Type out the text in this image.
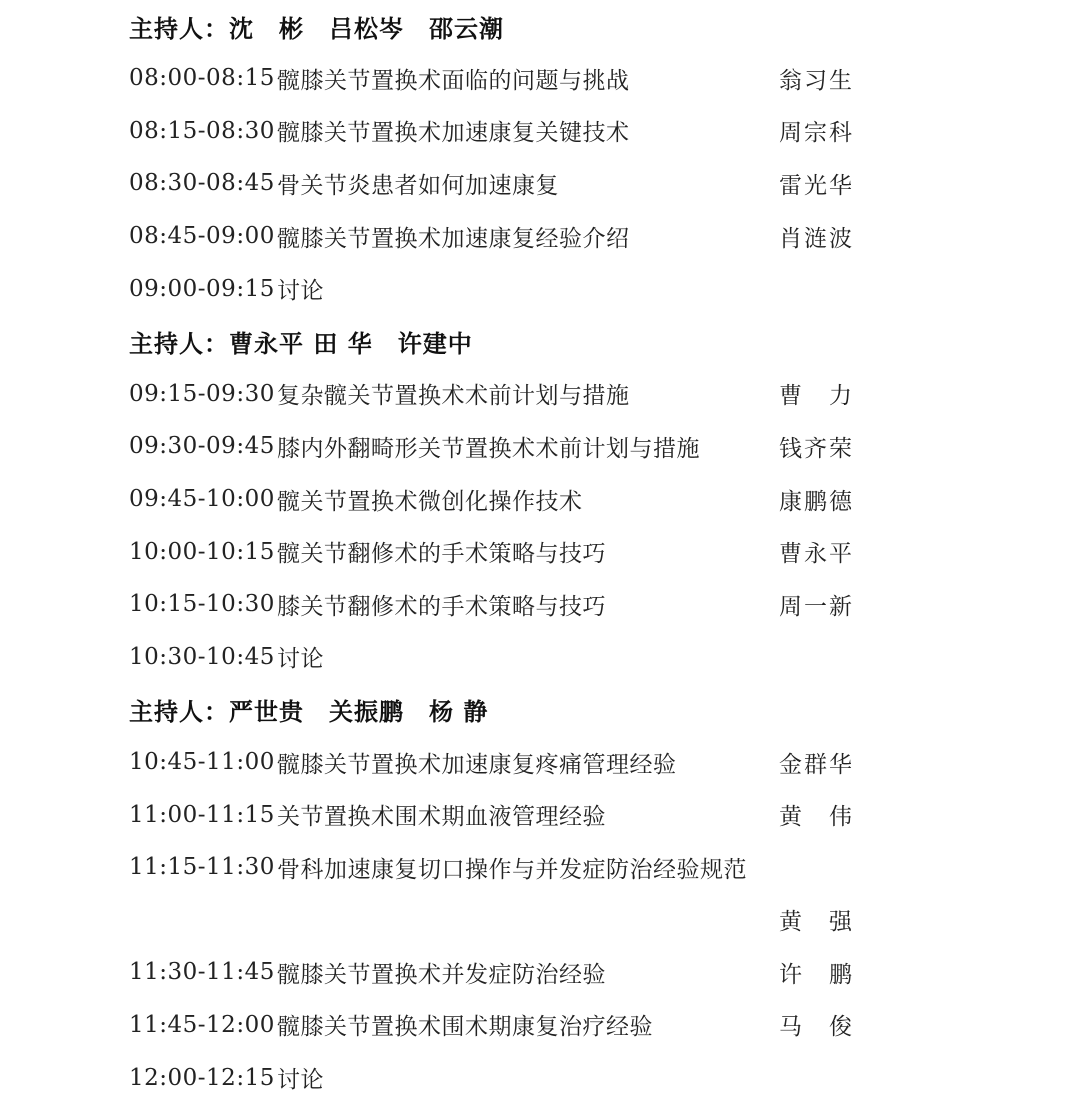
主持人：沈　彬　吕松岑　邵云潮
08:00-08:15 髋膝关节置换术面临的问题与挑战	翁习生
08:15-08:30 髋膝关节置换术加速康复关键技术	周宗科
08:30-08:45 骨关节炎患者如何加速康复	雷光华
08:45-09:00 髋膝关节置换术加速康复经验介绍	肖涟波
09:00-09:15 讨论
主持人：曹永平 田 华　许建中
09:15-09:30 复杂髋关节置换术术前计划与措施	曹　力
09:30-09:45 膝内外翻畸形关节置换术术前计划与措施	钱齐荣
09:45-10:00 髋关节置换术微创化操作技术	康鹏德
10:00-10:15 髋关节翻修术的手术策略与技巧	曹永平
10:15-10:30 膝关节翻修术的手术策略与技巧	周一新
10:30-10:45 讨论
主持人：严世贵　关振鹏　杨 静
10:45-11:00 髋膝关节置换术加速康复疼痛管理经验	金群华
11:00-11:15 关节置换术围术期血液管理经验	黄　伟
11:15-11:30 骨科加速康复切口操作与并发症防治经验规范
黄　强
11:30-11:45 髋膝关节置换术并发症防治经验	许　鹏
11:45-12:00 髋膝关节置换术围术期康复治疗经验	马　俊
12:00-12:15 讨论
